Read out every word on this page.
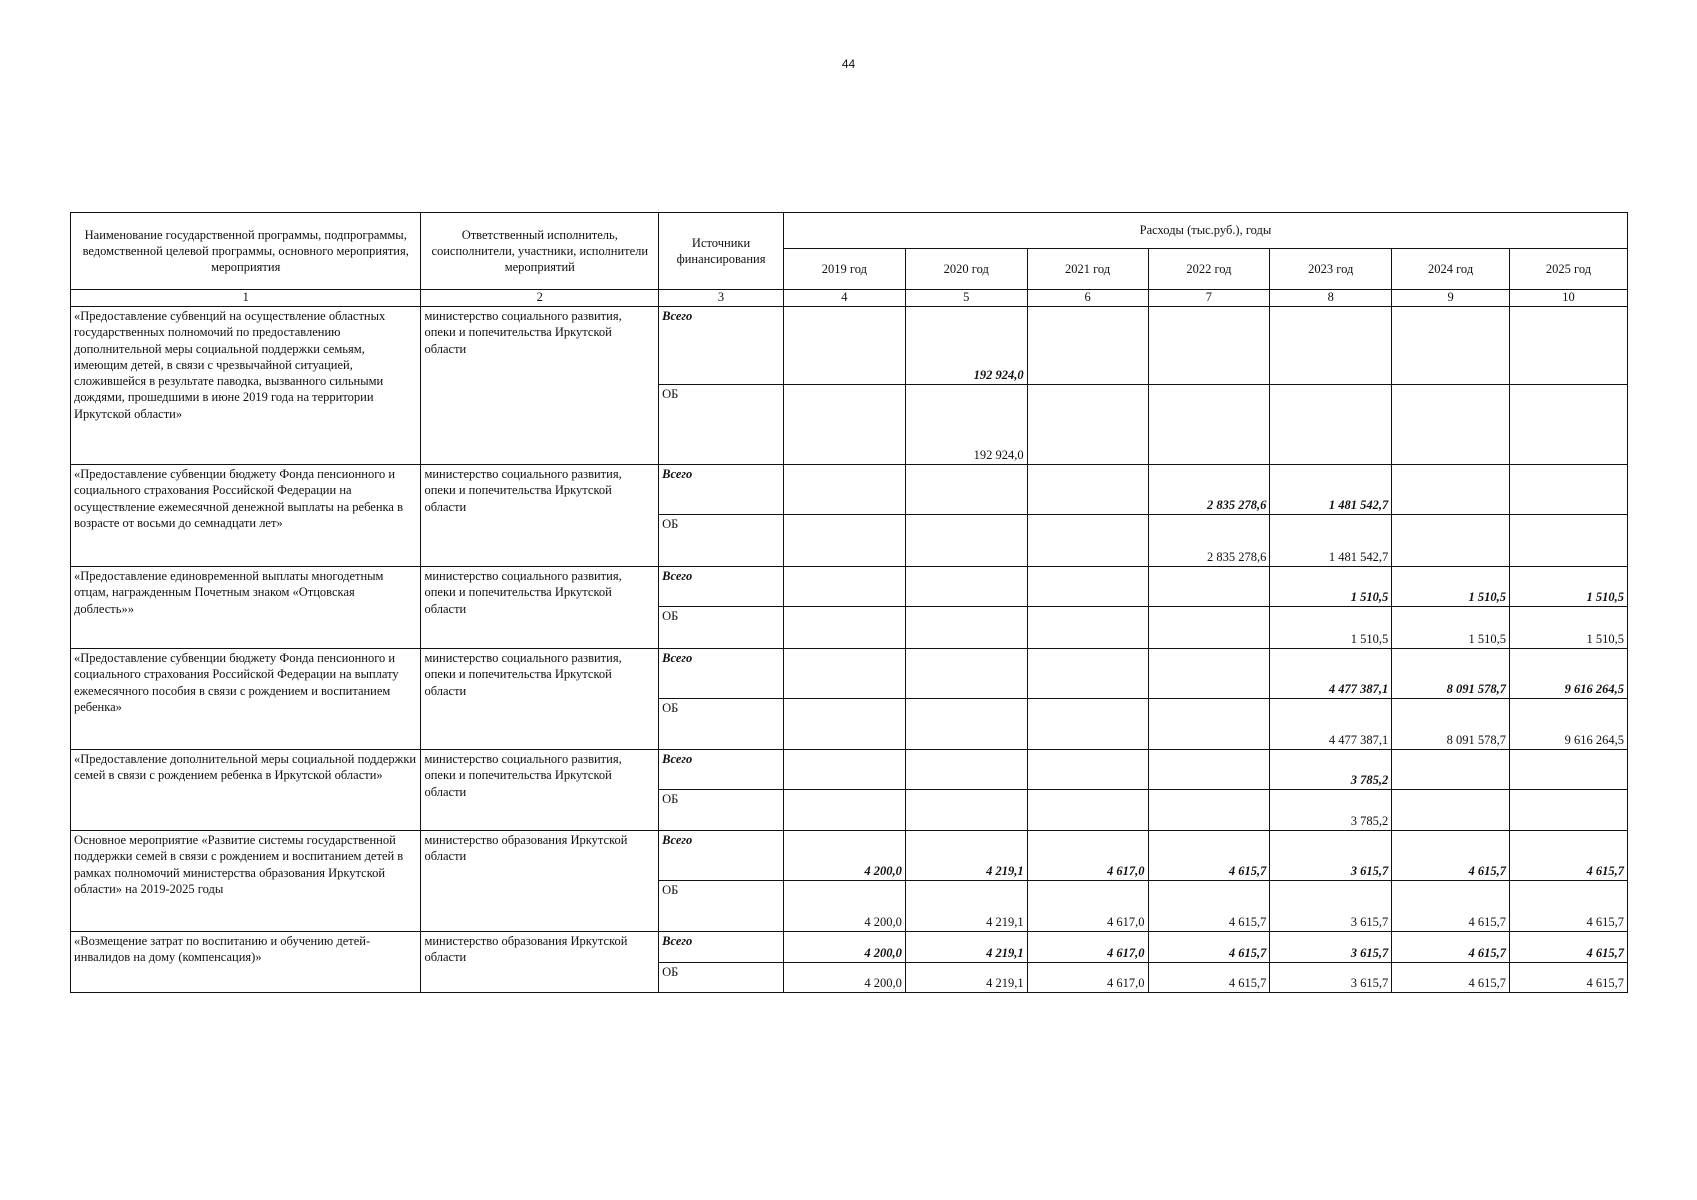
44
Наименование государственной программы, подпрограммы, ведомственной целевой программы, основного мероприятия, мероприятия	Ответственный исполнитель, соисполнители, участники, исполнители мероприятий	Источники финансирования	Расходы (тыс.руб.), годы						
			2019 год	2020 год	2021 год	2022 год	2023 год	2024 год	2025 год
1	2	3	4	5	6	7	8	9	10
«Предоставление субвенций на осуществление областных государственных полномочий по предоставлению дополнительной меры социальной поддержки семьям, имеющим детей, в связи с чрезвычайной ситуацией, сложившейся в результате паводка, вызванного сильными дождями, прошедшими в июне 2019 года на территории Иркутской области»	министерство социального развития, опеки и попечительства Иркутской области	Всего		192 924,0					
		ОБ		192 924,0					
«Предоставление субвенции бюджету Фонда пенсионного и социального страхования Российской Федерации на осуществление ежемесячной денежной выплаты на ребенка в возрасте от восьми до семнадцати лет»	министерство социального развития, опеки и попечительства Иркутской области	Всего				2 835 278,6	1 481 542,7		
		ОБ				2 835 278,6	1 481 542,7		
«Предоставление единовременной выплаты многодетным отцам, награжденным Почетным знаком «Отцовская доблесть»»	министерство социального развития, опеки и попечительства Иркутской области	Всего					1 510,5	1 510,5	1 510,5
		ОБ					1 510,5	1 510,5	1 510,5
«Предоставление субвенции бюджету Фонда пенсионного и социального страхования Российской Федерации на выплату ежемесячного пособия в связи с рождением и воспитанием ребенка»	министерство социального развития, опеки и попечительства Иркутской области	Всего					4 477 387,1	8 091 578,7	9 616 264,5
		ОБ					4 477 387,1	8 091 578,7	9 616 264,5
«Предоставление дополнительной меры социальной поддержки семей в связи с рождением ребенка в Иркутской области»	министерство социального развития, опеки и попечительства Иркутской области	Всего					3 785,2		
		ОБ					3 785,2		
Основное мероприятие «Развитие системы государственной поддержки семей в связи с рождением и воспитанием детей в рамках полномочий министерства образования Иркутской области» на 2019-2025 годы	министерство образования Иркутской области	Всего	4 200,0	4 219,1	4 617,0	4 615,7	3 615,7	4 615,7	4 615,7
		ОБ	4 200,0	4 219,1	4 617,0	4 615,7	3 615,7	4 615,7	4 615,7
«Возмещение затрат по воспитанию и обучению детей-инвалидов на дому (компенсация)»	министерство образования Иркутской области	Всего	4 200,0	4 219,1	4 617,0	4 615,7	3 615,7	4 615,7	4 615,7
		ОБ	4 200,0	4 219,1	4 617,0	4 615,7	3 615,7	4 615,7	4 615,7
